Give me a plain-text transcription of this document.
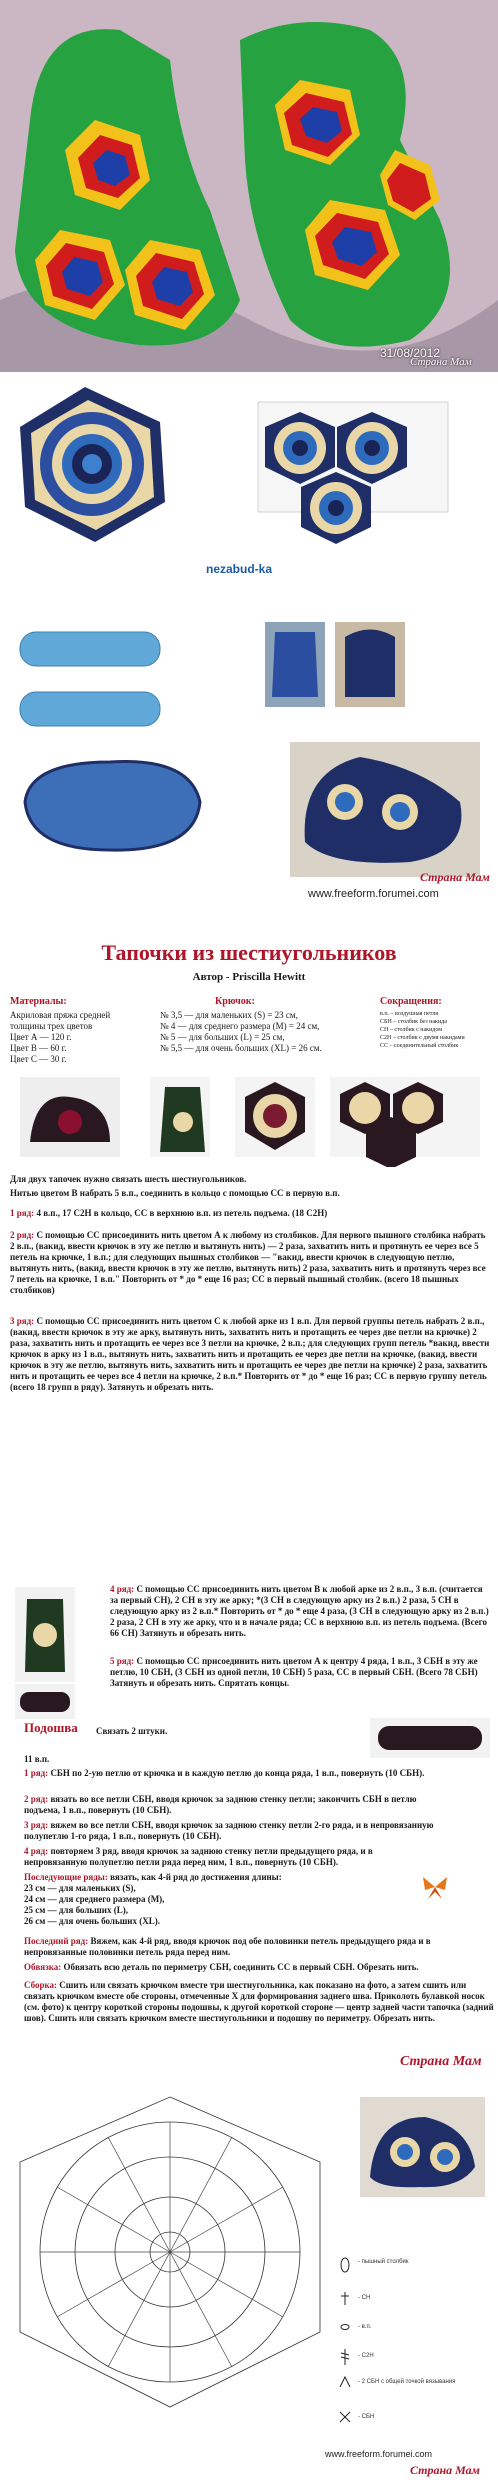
31/08/2012
Страна Мам
nezabud-ka
www.freeform.forumei.com
Страна Мам
Тапочки из шестиугольников
Автор - Priscilla Hewitt
Материалы:
Акриловая пряжа средней
толщины трех цветов
Цвет А — 120 г.
Цвет В — 60 г.
Цвет С — 30 г.
Крючок:
№ 3,5 — для маленьких (S) = 23 см,
№ 4 — для среднего размера (M) = 24 см,
№ 5 — для больших (L) = 25 см,
№ 5,5 — для очень больших (XL) = 26 см.
Сокращения:
в.п. – воздушная петля
СБН – столбик без накида
СН – столбик с накидом
С2Н – столбик с двумя накидами
СС – соединительный столбик
Для двух тапочек нужно связать шесть шестиугольников.
Нитью цветом В набрать 5 в.п., соединить в кольцо с помощью СС в первую в.п.
1 ряд: 4 в.п., 17 С2Н в кольцо, СС в верхнюю в.п. из петель подъема. (18 С2Н)
2 ряд: С помощью СС присоединить нить цветом А к любому из столбиков. Для первого пышного столбика набрать 2 в.п., (вакид, ввести крючок в эту же петлю и вытянуть нить) — 2 раза, захватить нить и протянуть ее через все 5 петель на крючке, 1 в.п.; для следующих пышных столбиков — "вакид, ввести крючок в следующую петлю, вытянуть нить, (вакид, ввести крючок в эту же петлю, вытянуть нить) 2 раза, захватить нить и протянуть через все 7 петель на крючке, 1 в.п." Повторить от * до * еще 16 раз; СС в первый пышный столбик. (всего 18 пышных столбиков)
3 ряд: С помощью СС присоединить нить цветом С к любой арке из 1 в.п. Для первой группы петель набрать 2 в.п., (вакид, ввести крючок в эту же арку, вытянуть нить, захватить нить и протащить ее через две петли на крючке) 2 раза, захватить нить и протащить ее через все 3 петли на крючке, 2 в.п.; для следующих групп петель *вакид, ввести крючок в арку из 1 в.п., вытянуть нить, захватить нить и протащить ее через две петли на крючке, (вакид, ввести крючок в эту же петлю, вытянуть нить, захватить нить и протащить ее через две петли на крючке) 2 раза, захватить нить и протащить ее через все 4 петли на крючке, 2 в.п.* Повторить от * до * еще 16 раз; СС в первую группу петель (всего 18 групп в ряду). Затянуть и обрезать нить.
4 ряд: С помощью СС присоединить нить цветом В к любой арке из 2 в.п., 3 в.п. (считается за первый СН), 2 СН в эту же арку; *(3 СН в следующую арку из 2 в.п.) 2 раза, 5 СН в следующую арку из 2 в.п.* Повторить от * до * еще 4 раза, (3 СН в следующую арку из 2 в.п.) 2 раза, 2 СН в эту же арку, что и в начале ряда; СС в верхнюю в.п. из петель подъема. (Всего 66 СН) Затянуть и обрезать нить.
5 ряд: С помощью СС присоединить нить цветом А к центру 4 ряда, 1 в.п., 3 СБН в эту же петлю, 10 СБН, (3 СБН из одной петли, 10 СБН) 5 раза, СС в первый СБН. (Всего 78 СБН) Затянуть и обрезать нить. Спрятать концы.
Подошва Связать 2 штуки.
11 в.п.
1 ряд: СБН по 2-ую петлю от крючка и в каждую петлю до конца ряда, 1 в.п., повернуть (10 СБН).
2 ряд: вязать во все петли СБН, вводя крючок за заднюю стенку петли; закончить СБН в петлю подъема, 1 в.п., повернуть (10 СБН).
3 ряд: вяжем во все петли СБН, вводя крючок за заднюю стенку петли 2-го ряда, и в непровязанную полупетлю 1-го ряда, 1 в.п., повернуть (10 СБН).
4 ряд: повторяем 3 ряд, вводя крючок за заднюю стенку петли предыдущего ряда, и в непровязанную полупетлю петли ряда перед ним, 1 в.п., повернуть (10 СБН).
Последующие ряды: вязать, как 4-й ряд до достижения длины:
23 см — для маленьких (S),
24 см — для среднего размера (M),
25 см — для больших (L),
26 см — для очень больших (XL).
Последний ряд: Вяжем, как 4-й ряд, вводя крючок под обе половинки петель предыдущего ряда и в непровязанные половинки петель ряда перед ним.
Обвязка: Обвязать всю деталь по периметру СБН, соединить СС в первый СБН. Обрезать нить.
Сборка: Сшить или связать крючком вместе три шестиугольника, как показано на фото, а затем сшить или связать крючком вместе обе стороны, отмеченные Х для формирования заднего шва. Приколоть булавкой носок (см. фото) к центру короткой стороны подошвы, к другой короткой стороне — центр задней части тапочка (задний шов). Сшить или связать крючком вместе шестиугольники и подошву по периметру. Обрезать нить.
Страна Мам
- пышный столбик
- СН
- в.п.
- С2Н
- 2 СБН с общей точкой вязывания
- СБН
www.freeform.forumei.com
Страна Мам
